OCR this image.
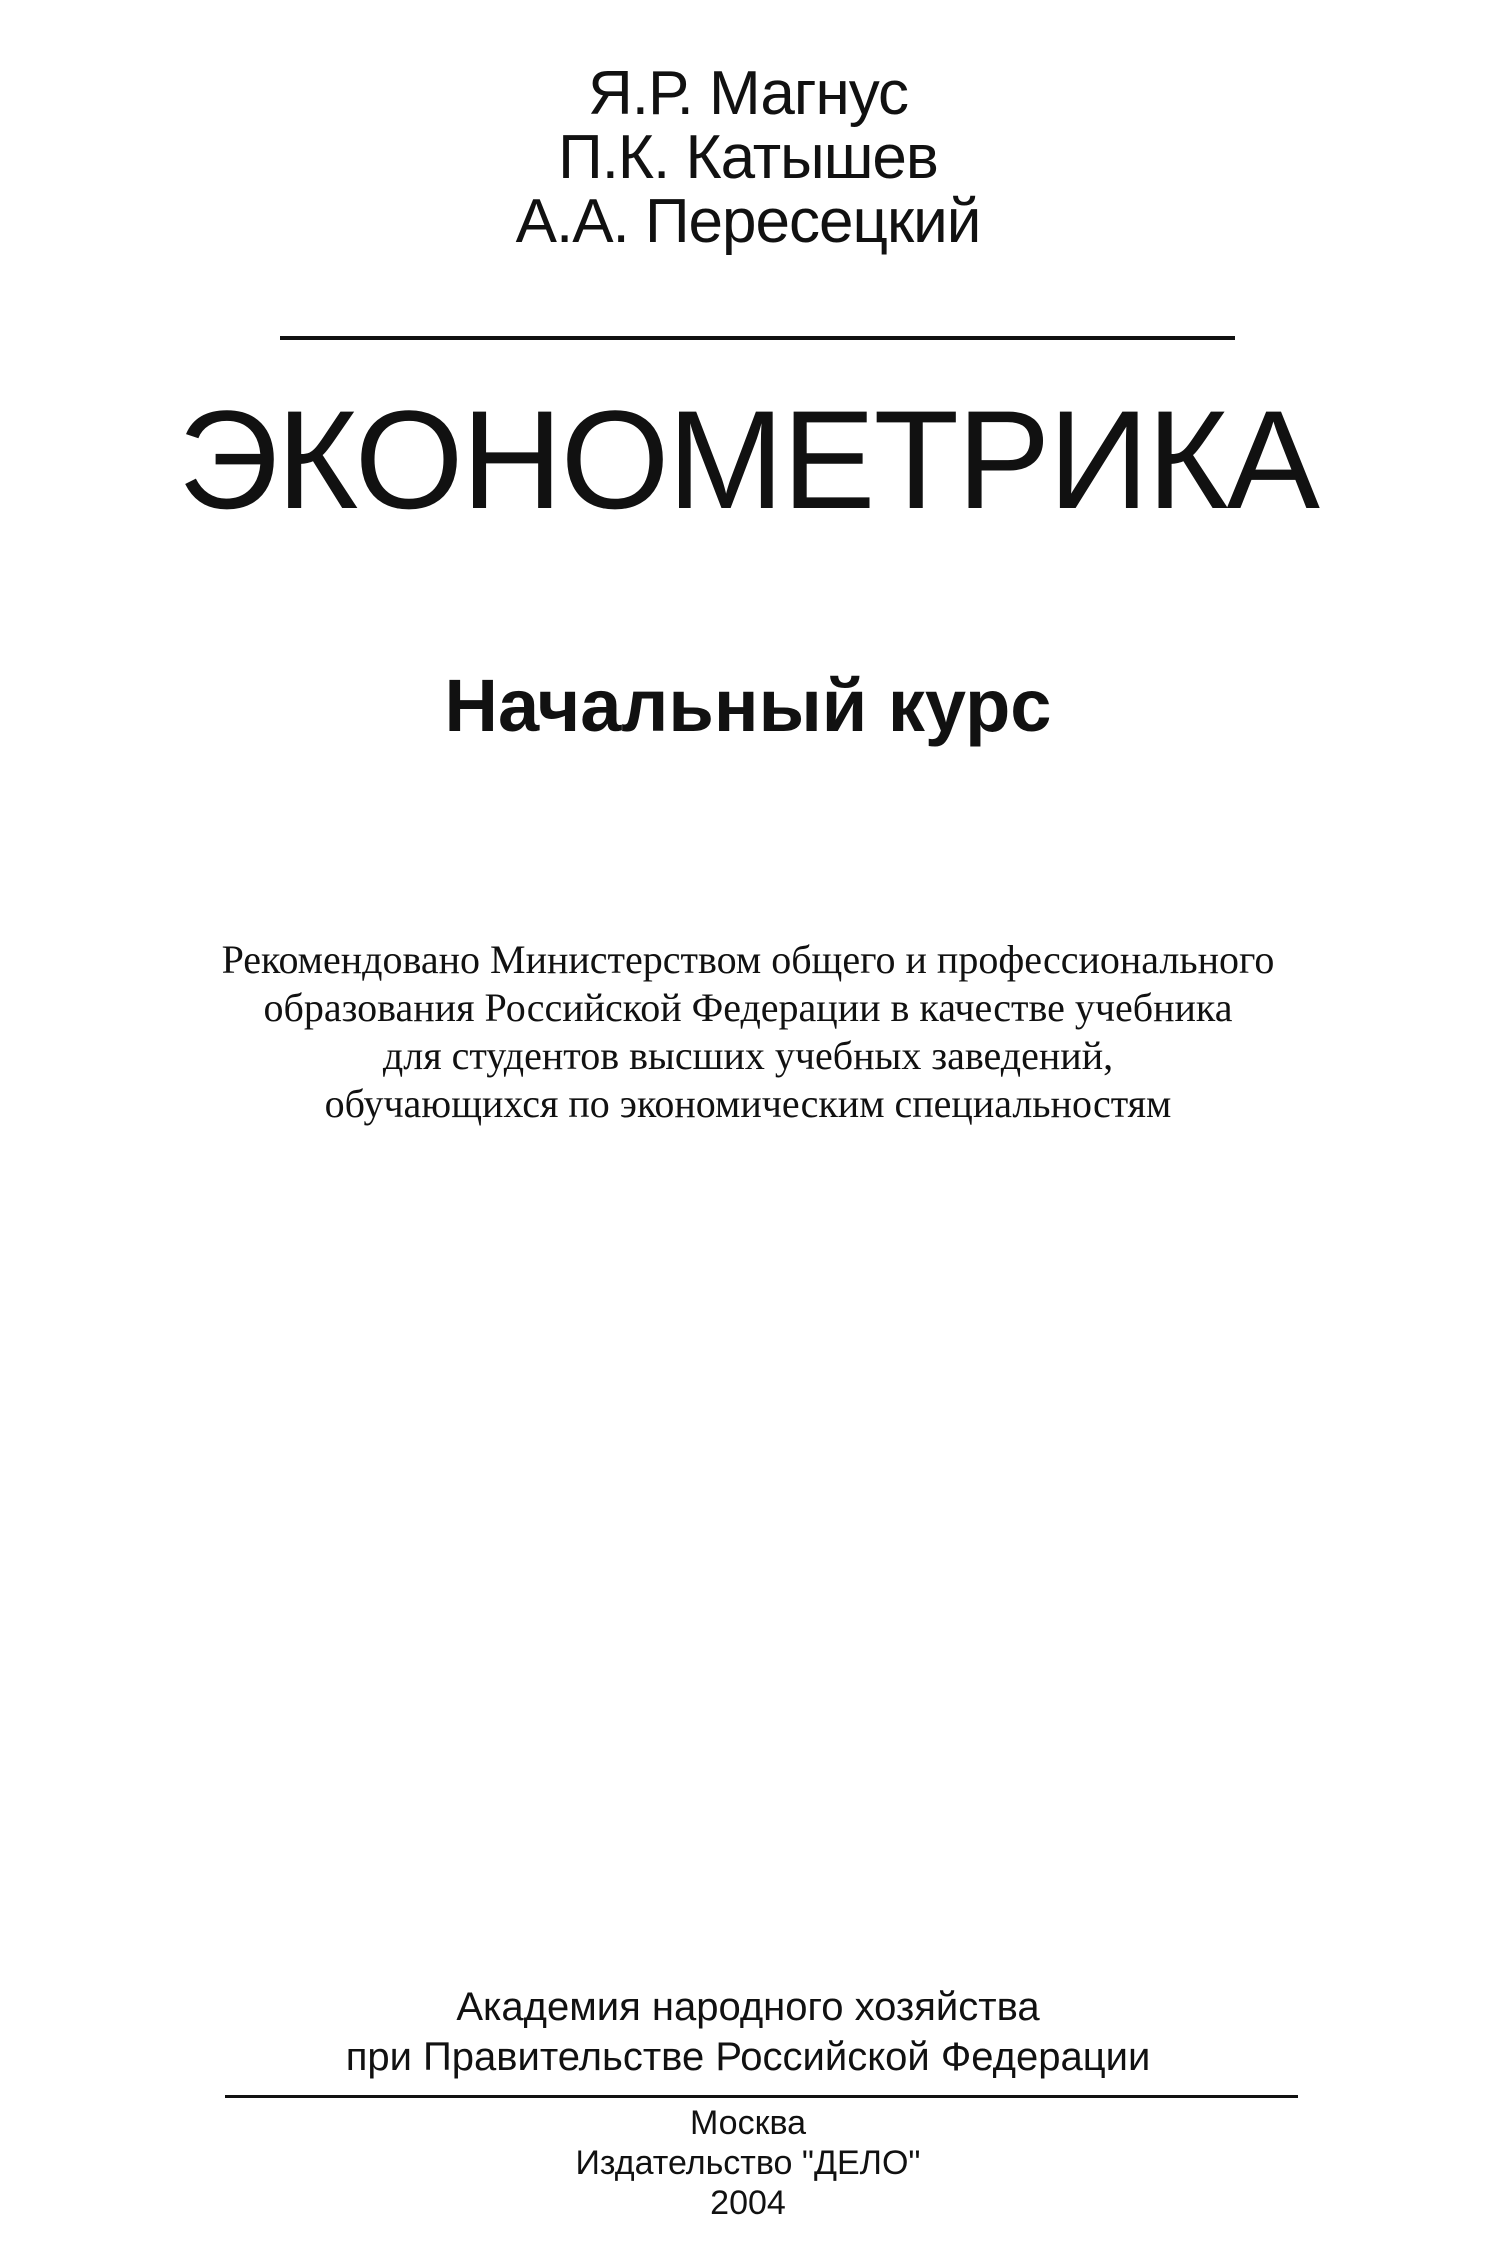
Я.Р. Магнус
П.К. Катышев
А.А. Пересецкий
ЭКОНОМЕТРИКА
Начальный курс
Рекомендовано Министерством общего и профессионального
образования Российской Федерации в качестве учебника
для студентов высших учебных заведений,
обучающихся по экономическим специальностям
Академия народного хозяйства
при Правительстве Российской Федерации
Москва
Издательство "ДЕЛО"
2004
